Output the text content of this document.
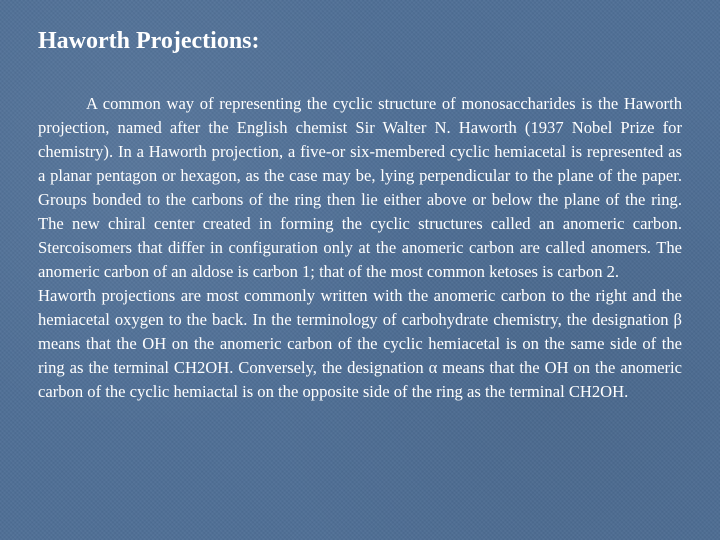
Haworth Projections:

A common way of representing the cyclic structure of monosaccharides is the Haworth projection, named after the English chemist Sir Walter N. Haworth (1937 Nobel Prize for chemistry). In a Haworth projection, a five-or six-membered cyclic hemiacetal is represented as a planar pentagon or hexagon, as the case may be, lying perpendicular to the plane of the paper. Groups bonded to the carbons of the ring then lie either above or below the plane of the ring. The new chiral center created in forming the cyclic structures called an anomeric carbon. Stercoisomers that differ in configuration only at the anomeric carbon are called anomers. The anomeric carbon of an aldose is carbon 1; that of the most common ketoses is carbon 2.

Haworth projections are most commonly written with the anomeric carbon to the right and the hemiacetal oxygen to the back. In the terminology of carbohydrate chemistry, the designation β means that the OH on the anomeric carbon of the cyclic hemiacetal is on the same side of the ring as the terminal CH2OH. Conversely, the designation α means that the OH on the anomeric carbon of the cyclic hemiactal is on the opposite side of the ring as the terminal CH2OH.
